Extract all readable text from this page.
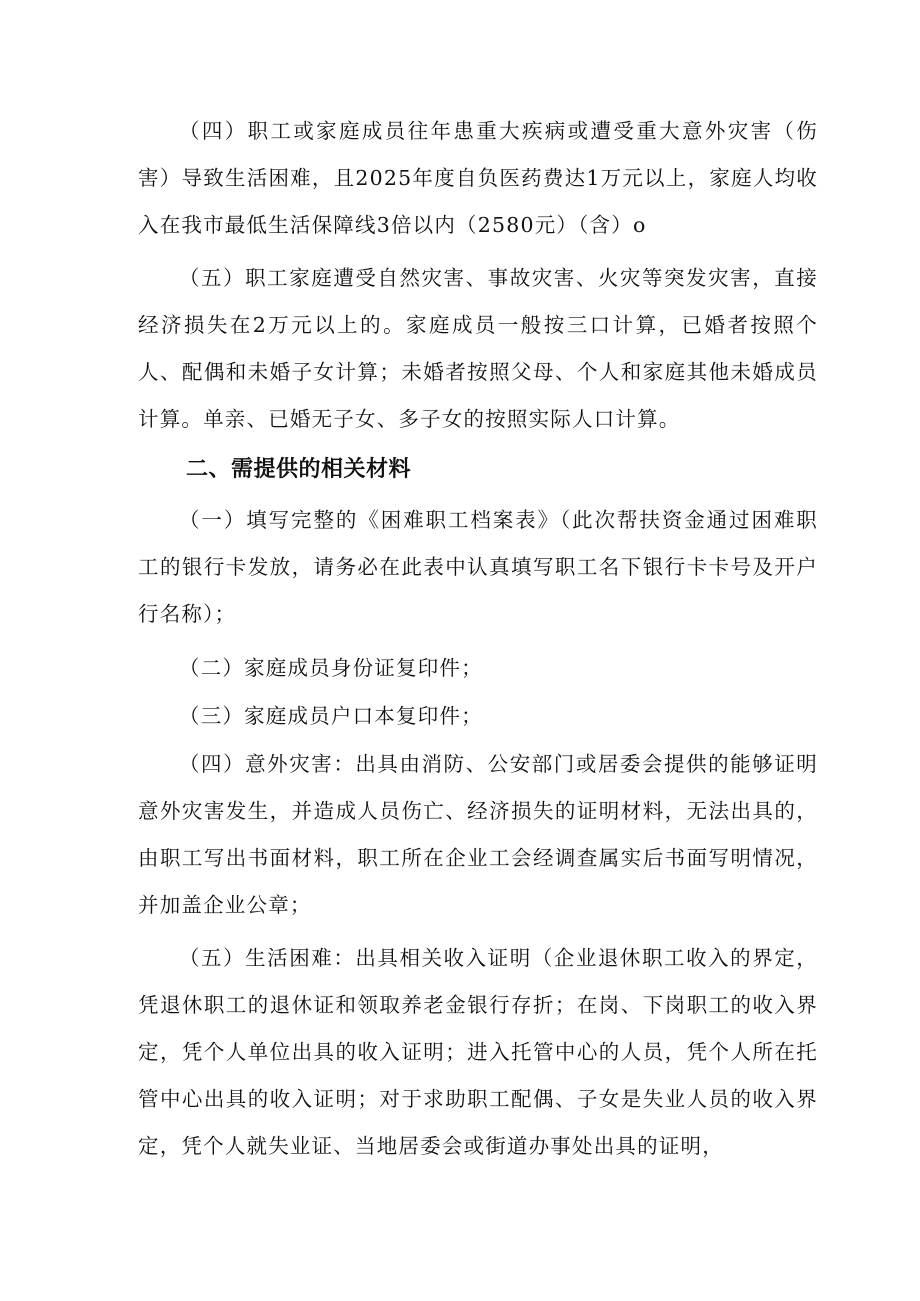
（四）职工或家庭成员往年患重大疾病或遭受重大意外灾害（伤害）导致生活困难，且2025年度自负医药费达1万元以上，家庭人均收入在我市最低生活保障线3倍以内（2580元）（含）o

（五）职工家庭遭受自然灾害、事故灾害、火灾等突发灾害，直接经济损失在2万元以上的。家庭成员一般按三口计算，已婚者按照个人、配偶和未婚子女计算；未婚者按照父母、个人和家庭其他未婚成员计算。单亲、已婚无子女、多子女的按照实际人口计算。

二、需提供的相关材料

（一）填写完整的《困难职工档案表》（此次帮扶资金通过困难职工的银行卡发放，请务必在此表中认真填写职工名下银行卡卡号及开户行名称）；

（二）家庭成员身份证复印件；

（三）家庭成员户口本复印件；

（四）意外灾害：出具由消防、公安部门或居委会提供的能够证明意外灾害发生，并造成人员伤亡、经济损失的证明材料，无法出具的，由职工写出书面材料，职工所在企业工会经调查属实后书面写明情况，并加盖企业公章；

（五）生活困难：出具相关收入证明（企业退休职工收入的界定，凭退休职工的退休证和领取养老金银行存折；在岗、下岗职工的收入界定，凭个人单位出具的收入证明；进入托管中心的人员，凭个人所在托管中心出具的收入证明；对于求助职工配偶、子女是失业人员的收入界定，凭个人就失业证、当地居委会或街道办事处出具的证明，
